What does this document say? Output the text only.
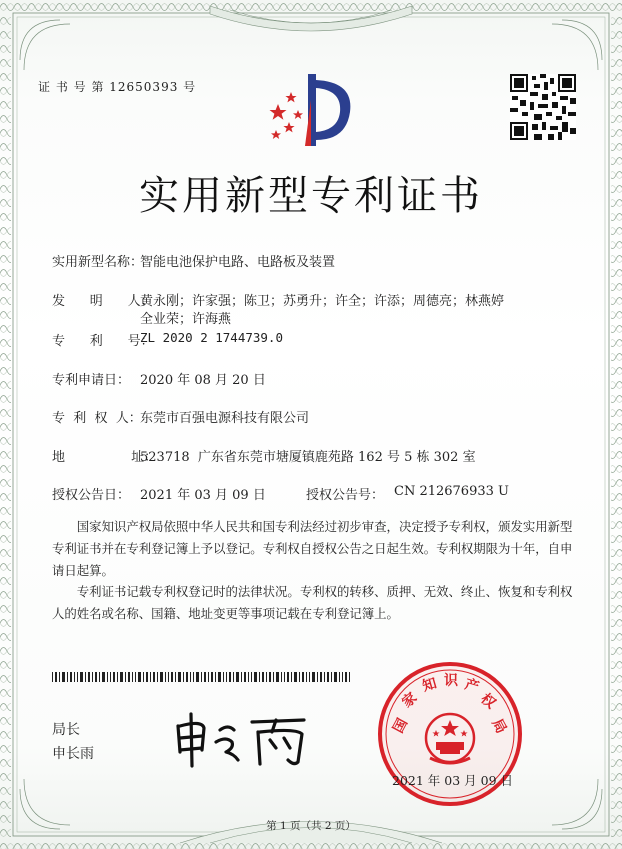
证 书 号 第 12650393 号
实用新型专利证书
实用新型名称：
智能电池保护电路、电路板及装置
发      明      人：
黄永刚；许家强；陈卫；苏勇升；许全；许添；周德亮；林燕婷
全业荣；许海燕
专      利      号：
ZL 2020 2 1744739.0
专利申请日： 2020 年 08 月 20 日
专  利  权  人：
东莞市百强电源科技有限公司
地                址：
523718  广东省东莞市塘厦镇鹿苑路 162 号 5 栋 302 室
授权公告日： 2021 年 03 月 09 日	授权公告号： CN 212676933 U
国家知识产权局依照中华人民共和国专利法经过初步审查，决定授予专利权，颁发实用新型专利证书并在专利登记簿上予以登记。专利权自授权公告之日起生效。专利权期限为十年，自申请日起算。
专利证书记载专利权登记时的法律状况。专利权的转移、质押、无效、终止、恢复和专利权人的姓名或名称、国籍、地址变更等事项记载在专利登记簿上。
局长
申长雨
国
家
知 识 产
权
局
2021 年 03 月 09 日
第 1 页（共 2 页）
